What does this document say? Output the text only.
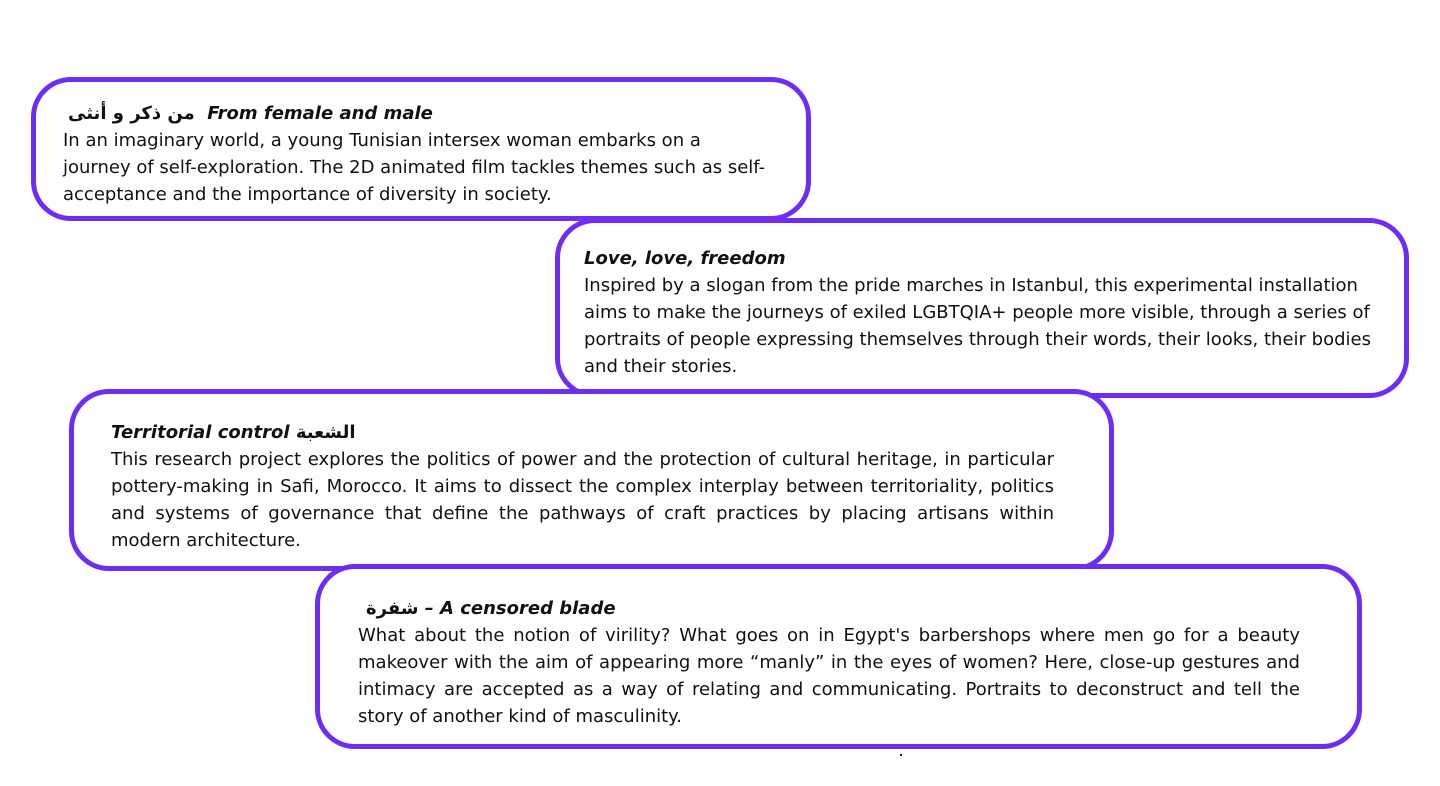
من ذكر و أنثى From female and male

In an imaginary world, a young Tunisian intersex woman embarks on a journey of self-exploration. The 2D animated film tackles themes such as self-acceptance and the importance of diversity in society.

Love, love, freedom

Inspired by a slogan from the pride marches in Istanbul, this experimental installation aims to make the journeys of exiled LGBTQIA+ people more visible, through a series of portraits of people expressing themselves through their words, their looks, their bodies and their stories.

Territorial control الشعبة

This research project explores the politics of power and the protection of cultural heritage, in particular pottery-making in Safi, Morocco. It aims to dissect the complex interplay between territoriality, politics and systems of governance that define the pathways of craft practices by placing artisans within modern architecture.

شفرة – A censored blade

What about the notion of virility? What goes on in Egypt's barbershops where men go for a beauty makeover with the aim of appearing more “manly” in the eyes of women? Here, close-up gestures and intimacy are accepted as a way of relating and communicating. Portraits to deconstruct and tell the story of another kind of masculinity.
